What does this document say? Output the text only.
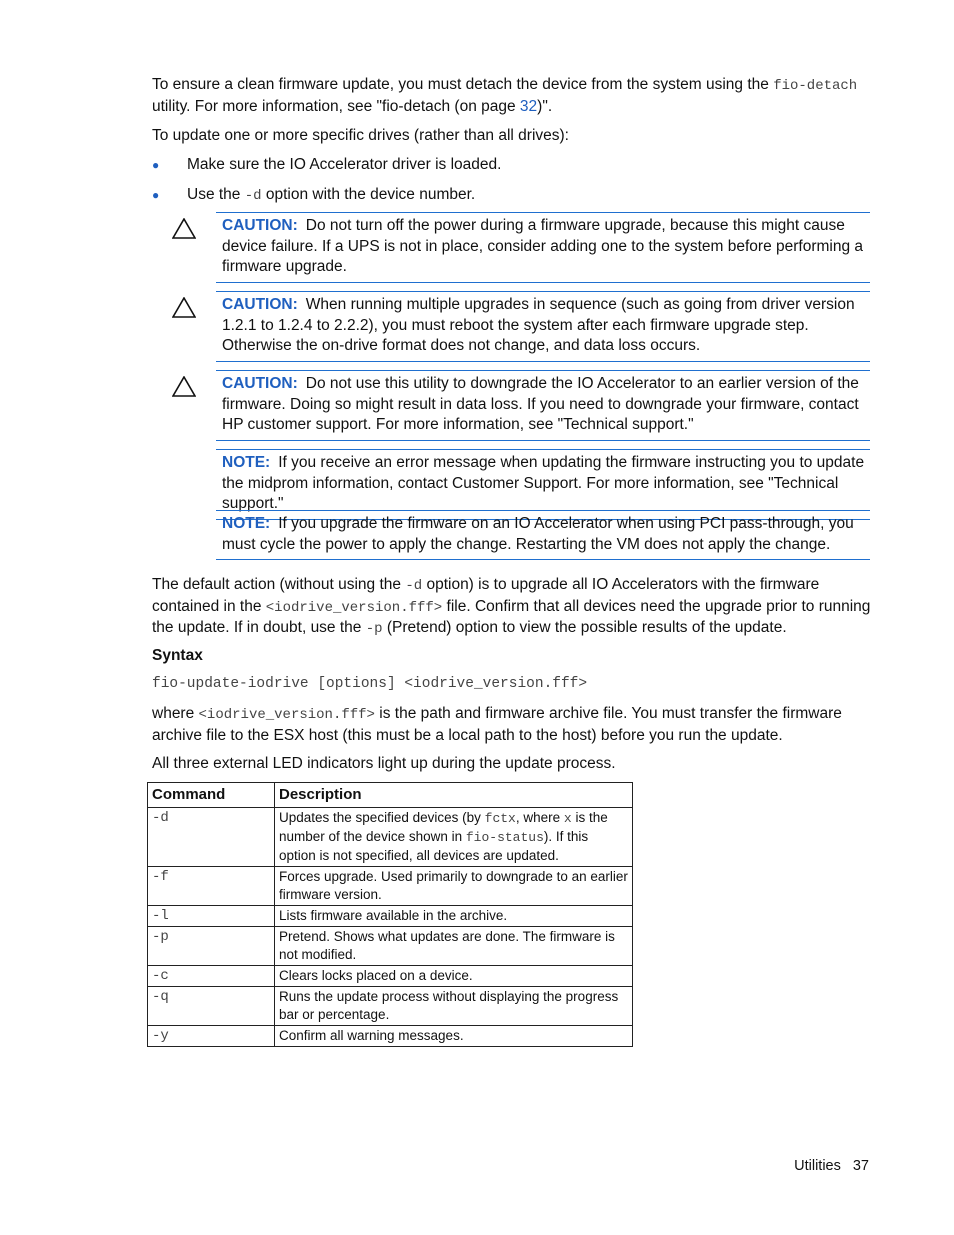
To ensure a clean firmware update, you must detach the device from the system using the fio-detach utility. For more information, see "fio-detach (on page 32)".

To update one or more specific drives (rather than all drives):

● Make sure the IO Accelerator driver is loaded.
● Use the -d option with the device number.
CAUTION: Do not turn off the power during a firmware upgrade, because this might cause device failure. If a UPS is not in place, consider adding one to the system before performing a firmware upgrade.
CAUTION: When running multiple upgrades in sequence (such as going from driver version 1.2.1 to 1.2.4 to 2.2.2), you must reboot the system after each firmware upgrade step. Otherwise the on-drive format does not change, and data loss occurs.
CAUTION: Do not use this utility to downgrade the IO Accelerator to an earlier version of the firmware. Doing so might result in data loss. If you need to downgrade your firmware, contact HP customer support. For more information, see "Technical support."
NOTE: If you receive an error message when updating the firmware instructing you to update the midprom information, contact Customer Support. For more information, see "Technical support."
NOTE: If you upgrade the firmware on an IO Accelerator when using PCI pass-through, you must cycle the power to apply the change. Restarting the VM does not apply the change.

The default action (without using the -d option) is to upgrade all IO Accelerators with the firmware contained in the <iodrive_version.fff> file. Confirm that all devices need the upgrade prior to running the update. If in doubt, use the -p (Pretend) option to view the possible results of the update.

Syntax
fio-update-iodrive [options] <iodrive_version.fff>

where <iodrive_version.fff> is the path and firmware archive file. You must transfer the firmware archive file to the ESX host (this must be a local path to the host) before you run the update.

All three external LED indicators light up during the update process.

Command	Description
-d	Updates the specified devices (by fctx, where x is the number of the device shown in fio-status). If this option is not specified, all devices are updated.
-f	Forces upgrade. Used primarily to downgrade to an earlier firmware version.
-l	Lists firmware available in the archive.
-p	Pretend. Shows what updates are done. The firmware is not modified.
-c	Clears locks placed on a device.
-q	Runs the update process without displaying the progress bar or percentage.
-y	Confirm all warning messages.
Utilities 37
